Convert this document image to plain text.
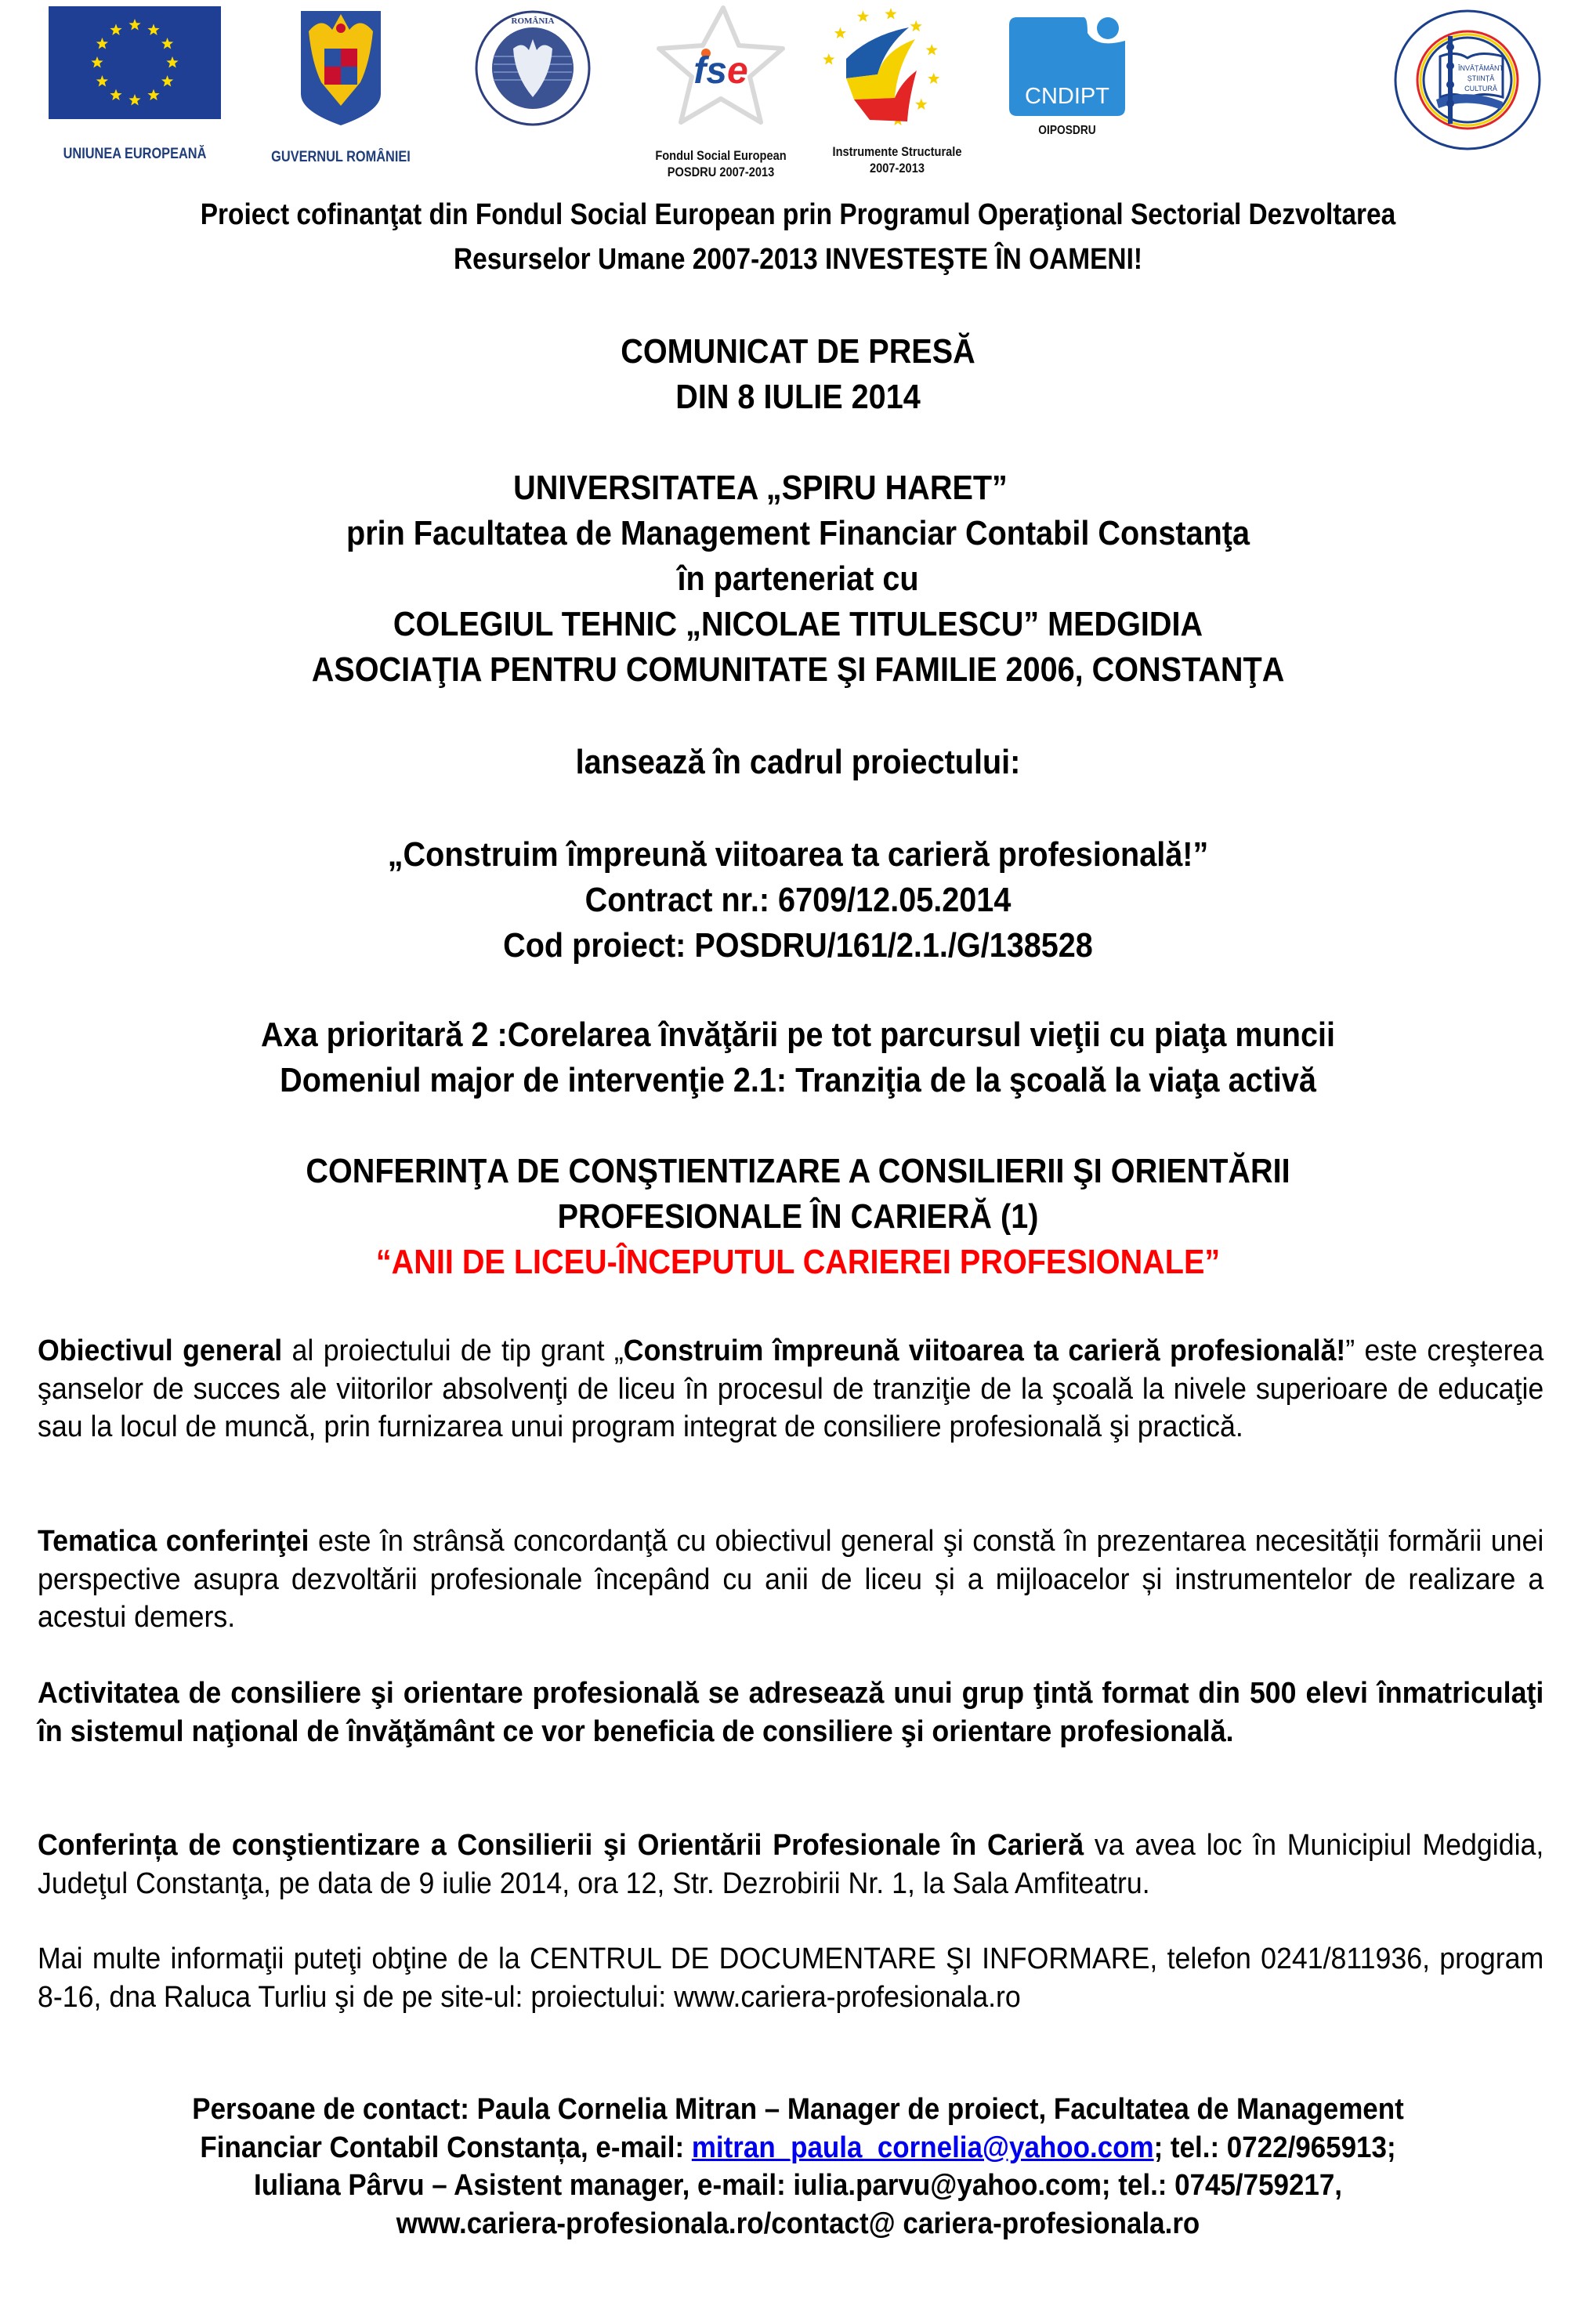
UNIUNEA EUROPEANĂ	GUVERNUL ROMÂNIEI
ROMÂNIA
fse
Fondul Social European
POSDRU 2007-2013
Instrumente Structurale
2007-2013
CNDIPT
OIPOSDRU
ÎNVĂȚĂMÂNT
ȘTIINȚĂ
CULTURĂ
Proiect cofinanţat din Fondul Social European prin Programul Operaţional Sectorial Dezvoltarea
Resurselor Umane 2007-2013 INVESTEŞTE ÎN OAMENI!
COMUNICAT DE PRESĂ
DIN 8 IULIE 2014
UNIVERSITATEA „SPIRU HARET”
prin Facultatea de Management Financiar Contabil Constanţa
în parteneriat cu
COLEGIUL TEHNIC „NICOLAE TITULESCU” MEDGIDIA
ASOCIAŢIA PENTRU COMUNITATE ŞI FAMILIE 2006, CONSTANŢA
lansează în cadrul proiectului:
„Construim împreună viitoarea ta carieră profesională!”
Contract nr.: 6709/12.05.2014
Cod proiect: POSDRU/161/2.1./G/138528
Axa prioritară 2 :Corelarea învăţării pe tot parcursul vieţii cu piaţa muncii
Domeniul major de intervenţie 2.1: Tranziţia de la şcoală la viaţa activă
CONFERINŢA DE CONŞTIENTIZARE A CONSILIERII ŞI ORIENTĂRII
PROFESIONALE ÎN CARIERĂ (1)
“ANII DE LICEU-ÎNCEPUTUL CARIEREI PROFESIONALE”
Obiectivul general al proiectului de tip grant „Construim împreună viitoarea ta carieră profesională!” este creşterea şanselor de succes ale viitorilor absolvenţi de liceu în procesul de tranziţie de la şcoală la nivele superioare de educaţie sau la locul de muncă, prin furnizarea unui program integrat de consiliere profesională şi practică.
Tematica conferinţei este în strânsă concordanţă cu obiectivul general şi constă în prezentarea necesității formării unei perspective asupra dezvoltării profesionale începând cu anii de liceu și a mijloacelor și instrumentelor de realizare a acestui demers.
Activitatea de consiliere şi orientare profesională se adresează unui grup ţintă format din 500 elevi înmatriculaţi în sistemul naţional de învăţământ ce vor beneficia de consiliere şi orientare profesională.
Conferința de conştientizare a Consilierii şi Orientării Profesionale în Carieră va avea loc în Municipiul Medgidia, Judeţul Constanţa, pe data de 9 iulie 2014, ora 12, Str. Dezrobirii Nr. 1, la Sala Amfiteatru.
Mai multe informaţii puteţi obţine de la CENTRUL DE DOCUMENTARE ŞI INFORMARE, telefon 0241/811936, program 8-16, dna Raluca Turliu şi de pe site-ul: proiectului: www.cariera-profesionala.ro
Persoane de contact: Paula Cornelia Mitran – Manager de proiect, Facultatea de Management
Financiar Contabil Constanța, e-mail: mitran_paula_cornelia@yahoo.com; tel.: 0722/965913;
Iuliana Pârvu – Asistent manager, e-mail: iulia.parvu@yahoo.com; tel.: 0745/759217,
www.cariera-profesionala.ro/contact@ cariera-profesionala.ro
